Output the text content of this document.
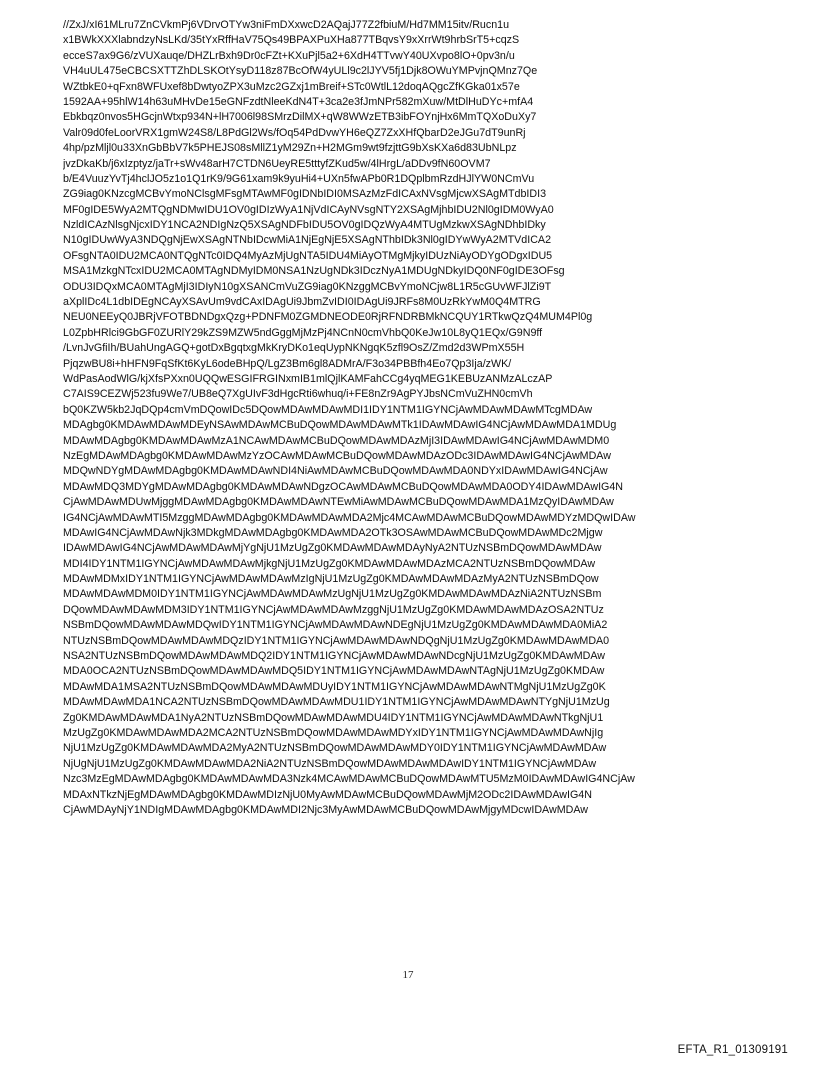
//ZxJ/xI61MLru7ZnCVkmPj6VDrvOTYw3niFmDXxwcD2AQajJ77Z2fbiuM/Hd7MM15itv/Rucn1u
x1BWkXXXlabndzyNsLKd/35tYxRffHaV75Qs49BPAXPuXHa877TBqvsY9xXrrWt9hrbSrT5+cqzS
ecceS7ax9G6/zVUXauqe/DHZLrBxh9Dr0cFZt+KXuPjl5a2+6XdH4TTvwY40UXvpo8lO+0pv3n/u
VH4uUL475eCBCSXTTZhDLSKOtYsyD118z87BcOfW4yULl9c2lJYV5fj1Djk8OWuYMPvjnQMnz7Qe
WZtbkE0+qFxn8WFUxef8bDwtyoZPX3uMzc2GZxj1mBreif+STc0WtlL12doqAQgcZfKGka01x57e
1592AA+95hlW14h63uMHvDe15eGNFzdtNleeKdN4T+3ca2e3fJmNPr582mXuw/MtDlHuDYc+mfA4
Ebkbqz0nvos5HGcjnWtxp934N+lH7006l98SMrzDilMX+qW8WWzETB3ibFOYnjHx6MmTQXoDuXy7
Valr09d0feLoorVRX1gmW24S8/L8PdGl2Ws/fOq54PdDvwYH6eQZ7ZxXHfQbarD2eJGu7dT9unRj
4hp/pzMljl0u33XnGbBbV7k5PHEJS08sMllZ1yM29Zn+H2MGm9wt9fzjttG9bXsKXa6d83UbNLpz
jvzDkaKb/j6xIzptyz/jaTr+sWv48arH7CTDN6UeyRE5tttyfZKud5w/4lHrgL/aDDv9fN60OVM7
b/E4VuuzYvTj4hclJO5z1o1Q1rK9/9G61xam9k9yuHi4+UXn5fwAPb0R1DQplbmRzdHJlYW0NCmVu
ZG9iag0KNzcgMCBvYmoNClsgMFsgMTAwMF0gIDNbIDI0MSAzMzFdICAxNVsgMjcwXSAgMTdbIDI3
MF0gIDE5WyA2MTQgNDMwIDU1OV0gIDIzWyA1NjVdICAyNVsgNTY2XSAgMjhbIDU2Nl0gIDM0WyA0
NzldICAzNlsgNjcxIDY1NCA2NDIgNzQ5XSAgNDFbIDU5OV0gIDQzWyA4MTUgMzkwXSAgNDhbIDky
N10gIDUwWyA3NDQgNjEwXSAgNTNbIDcwMiA1NjEgNjE5XSAgNThbIDk3Nl0gIDYwWyA2MTVdICA2
OFsgNTA0IDU2MCA0NTQgNTc0IDQ4MyAzMjUgNTA5IDU4MiAyOTMgMjkyIDUzNiAyODYgODgxIDU5
MSA1MzkgNTcxIDU2MCA0MTAgNDMyIDM0NSA1NzUgNDk3IDczNyA1MDUgNDkyIDQ0NF0gIDE3OFsg
ODU3IDQxMCA0MTAgMjI3IDIyN10gXSANCmVuZG9iag0KNzggMCBvYmoNCjw8L1R5cGUvWFJlZi9T
aXplIDc4L1dbIDEgNCAyXSAvUm9vdCAxIDAgUi9JbmZvIDI0IDAgUi9JRFs8M0UzRkYwM0Q4MTRG
NEU0NEEyQ0JBRjVFOTBDNDgxQzg+PDNFM0ZGMDNEODE0RjRFNDRBMkNCQUY1RTkwQzQ4MUM4Pl0g
L0ZpbHRlci9GbGF0ZURlY29kZS9MZW5ndGggMjMzPj4NCnN0cmVhbQ0KeJw10L8yQ1EQx/G9N9ff
/LvnJvGfiIh/BUahUngAGQ+gotDxBgqtxgMkKryDKo1eqUypNKNgqK5zfl9OsZ/Zmd2d3WPmX55H
PjqzwBU8i+hHFN9FqSfKt6KyL6odeBHpQ/LgZ3Bm6gl8ADMrA/F3o34PBBfh4Eo7Qp3Ija/zWK/
WdPasAodWlG/kjXfsPXxn0UQQwESGIFRGINxmIB1mlQjlKAMFahCCg4yqMEG1KEBUzANMzALczAP
C7AIS9CEZWj523fu9We7/UB8eQ7XgUIvF3dHgcRti6whuq/i+FE8nZr9AgPYJbsNCmVuZHN0cmVh
bQ0KZW5kb2JqDQp4cmVmDQowIDc5DQowMDAwMDAwMDI1IDY1NTM1IGYNCjAwMDAwMDAwMTcgMDAw
MDAgbg0KMDAwMDAwMDEyNSAwMDAwMCBuDQowMDAwMDAwMTk1IDAwMDAwIG4NCjAwMDAwMDA1MDUg
MDAwMDAgbg0KMDAwMDAwMzA1NCAwMDAwMCBuDQowMDAwMDAzMjI3IDAwMDAwIG4NCjAwMDAwMDM0
NzEgMDAwMDAgbg0KMDAwMDAwMzYzOCAwMDAwMCBuDQowMDAwMDAzODc3IDAwMDAwIG4NCjAwMDAw
MDQwNDYgMDAwMDAgbg0KMDAwMDAwNDI4NiAwMDAwMCBuDQowMDAwMDA0NDYxIDAwMDAwIG4NCjAw
MDAwMDQ3MDYgMDAwMDAgbg0KMDAwMDAwNDgzOCAwMDAwMCBuDQowMDAwMDA0ODY4IDAwMDAwIG4N
CjAwMDAwMDUwMjggMDAwMDAgbg0KMDAwMDAwNTEwMiAwMDAwMCBuDQowMDAwMDA1MzQyIDAwMDAw
IG4NCjAwMDAwMTI5MzggMDAwMDAgbg0KMDAwMDAwMDA2Mjc4MCAwMDAwMCBuDQowMDAwMDYzMDQwIDAw
MDAwIG4NCjAwMDAwNjk3MDkgMDAwMDAgbg0KMDAwMDA2OTk3OSAwMDAwMCBuDQowMDAwMDc2Mjgw
IDAwMDAwIG4NCjAwMDAwMDAwMjYgNjU1MzUgZg0KMDAwMDAwMDAyNyA2NTUzNSBmDQowMDAwMDAw
MDI4IDY1NTM1IGYNCjAwMDAwMDAwMjkgNjU1MzUgZg0KMDAwMDAwMDAzMCA2NTUzNSBmDQowMDAw
MDAwMDMxIDY1NTM1IGYNCjAwMDAwMDAwMzIgNjU1MzUgZg0KMDAwMDAwMDAzMyA2NTUzNSBmDQow
MDAwMDAwMDM0IDY1NTM1IGYNCjAwMDAwMDAwMzUgNjU1MzUgZg0KMDAwMDAwMDAzNiA2NTUzNSBm
DQowMDAwMDAwMDM3IDY1NTM1IGYNCjAwMDAwMDAwMzggNjU1MzUgZg0KMDAwMDAwMDAzOSA2NTUz
NSBmDQowMDAwMDAwMDQwIDY1NTM1IGYNCjAwMDAwMDAwNDEgNjU1MzUgZg0KMDAwMDAwMDA0MiA2
NTUzNSBmDQowMDAwMDAwMDQzIDY1NTM1IGYNCjAwMDAwMDAwNDQgNjU1MzUgZg0KMDAwMDAwMDA0
NSA2NTUzNSBmDQowMDAwMDAwMDQ2IDY1NTM1IGYNCjAwMDAwMDAwNDcgNjU1MzUgZg0KMDAwMDAw
MDA0OCA2NTUzNSBmDQowMDAwMDAwMDQ5IDY1NTM1IGYNCjAwMDAwMDAwNTAgNjU1MzUgZg0KMDAw
MDAwMDA1MSA2NTUzNSBmDQowMDAwMDAwMDUyIDY1NTM1IGYNCjAwMDAwMDAwNTMgNjU1MzUgZg0K
MDAwMDAwMDA1NCA2NTUzNSBmDQowMDAwMDAwMDU1IDY1NTM1IGYNCjAwMDAwMDAwNTYgNjU1MzUg
Zg0KMDAwMDAwMDA1NyA2NTUzNSBmDQowMDAwMDAwMDU4IDY1NTM1IGYNCjAwMDAwMDAwNTkgNjU1
MzUgZg0KMDAwMDAwMDA2MCA2NTUzNSBmDQowMDAwMDAwMDYxIDY1NTM1IGYNCjAwMDAwMDAwNjIg
NjU1MzUgZg0KMDAwMDAwMDA2MyA2NTUzNSBmDQowMDAwMDAwMDY0IDY1NTM1IGYNCjAwMDAwMDAw
NjUgNjU1MzUgZg0KMDAwMDAwMDA2NiA2NTUzNSBmDQowMDAwMDAwMDAwIDY1NTM1IGYNCjAwMDAw
Nzc3MzEgMDAwMDAgbg0KMDAwMDAwMDA3Nzk4MCAwMDAwMCBuDQowMDAwMTU5MzM0IDAwMDAwIG4NCjAw
MDAxNTkzNjEgMDAwMDAgbg0KMDAwMDIzNjU0MyAwMDAwMCBuDQowMDAwMjM2ODc2IDAwMDAwIG4N
CjAwMDAyNjY1NDIgMDAwMDAgbg0KMDAwMDI2Njc3MyAwMDAwMCBuDQowMDAwMjgyMDcwIDAwMDAw
17
EFTA_R1_01309191
